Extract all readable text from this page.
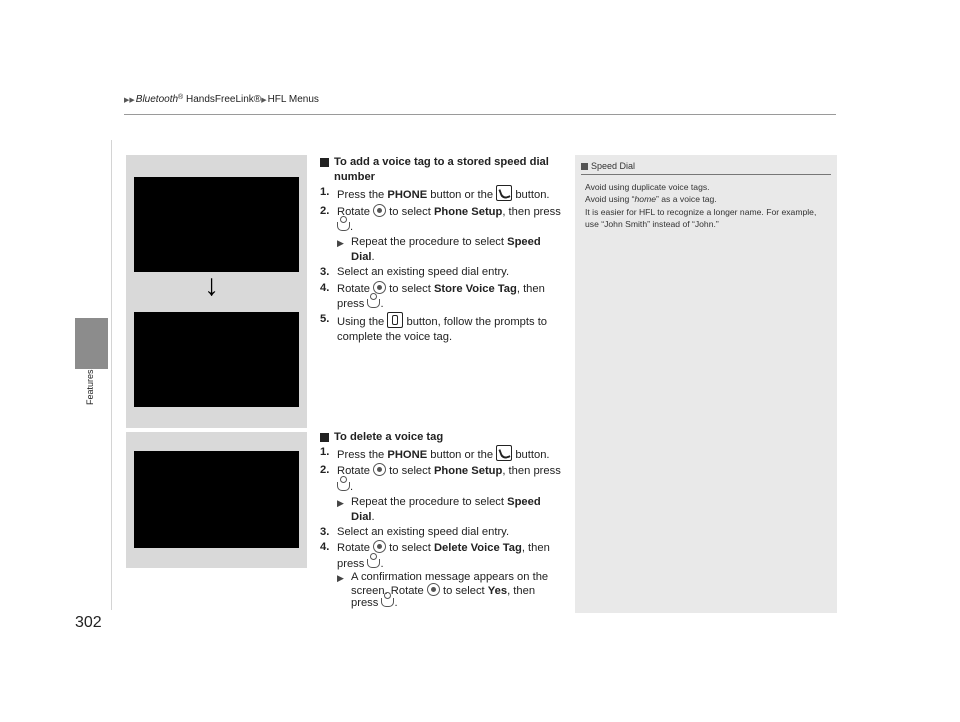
▶▶Bluetooth® HandsFreeLink®▶HFL Menus
Features
302
↓
To add a voice tag to a stored speed dial number
1. Press the PHONE button or the  button.
2. Rotate  to select Phone Setup, then press .
▶ Repeat the procedure to select Speed Dial.
3. Select an existing speed dial entry.
4. Rotate  to select Store Voice Tag, then press .
5. Using the  button, follow the prompts to complete the voice tag.
To delete a voice tag
1. Press the PHONE button or the  button.
2. Rotate  to select Phone Setup, then press .
▶ Repeat the procedure to select Speed Dial.
3. Select an existing speed dial entry.
4. Rotate  to select Delete Voice Tag, then press .
▶ A confirmation message appears on the screen. Rotate  to select Yes, then press .
Speed Dial
Avoid using duplicate voice tags.
Avoid using “home” as a voice tag.
It is easier for HFL to recognize a longer name. For example, use “John Smith” instead of “John.”
